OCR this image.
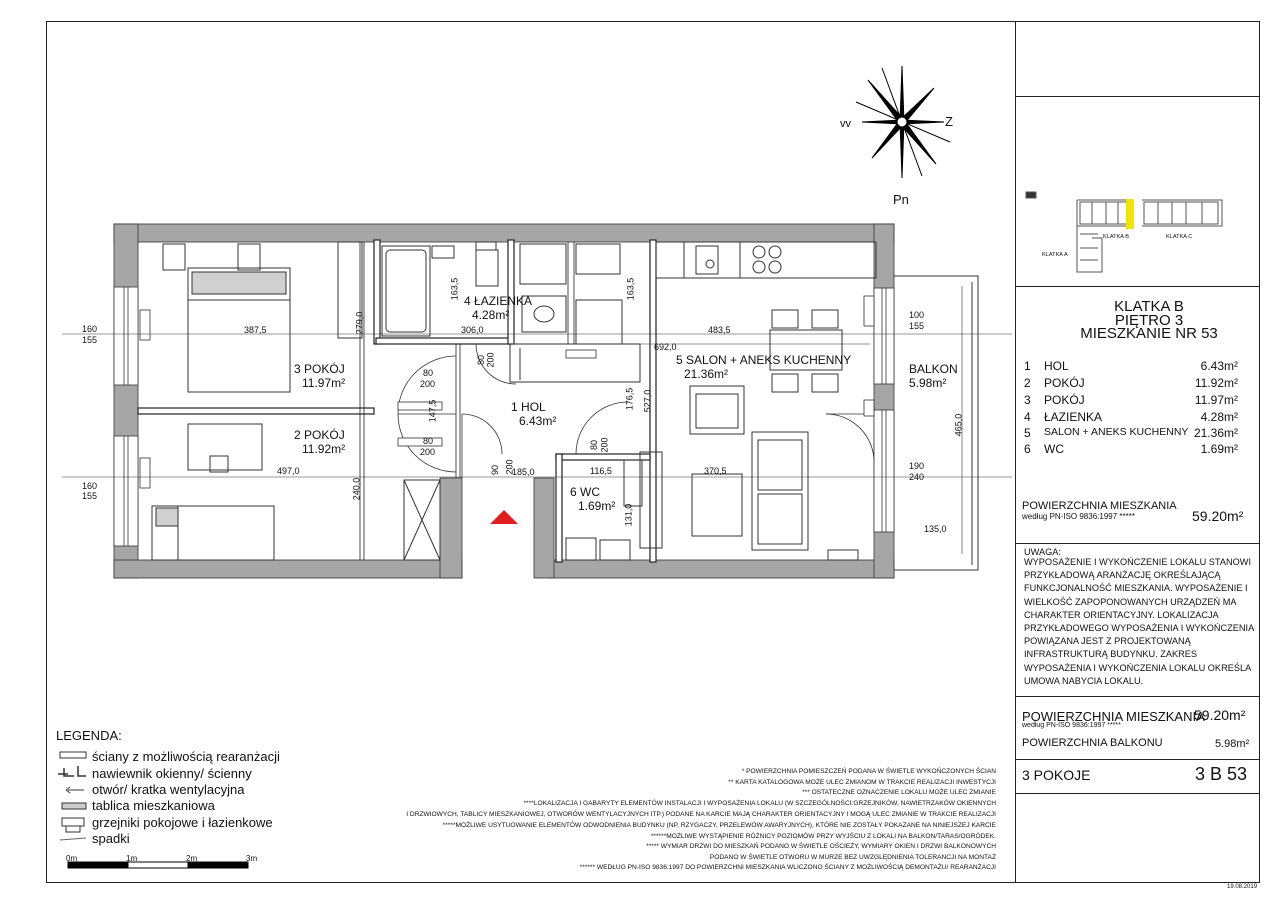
vv	Z
Pn
KLATKA B	KLATKA C
KLATKA A
KLATKA B
PIĘTRO 3
MIESZKANIE NR 53
1 HOL	6.43m²
2 POKÓJ	11.92m²
3 POKÓJ	11.97m²
4 ŁAZIENKA	4.28m²
5 SALON + ANEKS KUCHENNY 21.36m²
6 WC	1.69m²
POWIERZCHNIA MIESZKANIA
według PN-ISO 9836:1997 *****	59.20m²
UWAGA:
WYPOSAŻENIE I WYKOŃCZENIE LOKALU STANOWI PRZYKŁADOWĄ ARANŻACJĘ OKREŚLAJĄCĄ FUNKCJONALNOŚĆ MIESZKANIA. WYPOSAŻENIE I WIELKOŚĆ ZAPOPONOWANYCH URZĄDZEŃ MA CHARAKTER ORIENTACYJNY. LOKALIZACJA PRZYKŁADOWEGO WYPOSAŻENIA I WYKOŃCZENIA POWIĄZANA JEST Z PROJEKTOWANĄ INFRASTRUKTURĄ BUDYNKU. ZAKRES WYPOSAŻENIA I WYKOŃCZENIA LOKALU OKREŚLA UMOWA NABYCIA LOKALU.
POWIERZCHNIA MIESZKANIA
59.20m²
według PN-ISO 9836:1997 *****
POWIERZCHNIA BALKONU	5.98m²
3 POKOJE	3 B 53
19.08.2019
160
155
160
155
387,5	279,0
163,5
306,0
163,5
692,0
483,5
100
155
80
200
80
200
80 200
80 200
497,0
240,0
147,5
185,0
90 200	116,5
176,5 527,0
370,5
131,0
190
240
465,0
135,0
3 POKÓJ
11.97m²
2 POKÓJ
11.92m²
4 ŁAZIENKA
4.28m²
1 HOL
6.43m²
5 SALON + ANEKS KUCHENNY
21.36m²
6 WC
1.69m²
BALKON
5.98m²
LEGENDA:
ściany z możliwością rearanżacji
nawiewnik okienny/ ścienny
otwór/ kratka wentylacyjna
tablica mieszkaniowa
grzejniki pokojowe i łazienkowe
spadki
0m	1m	2m	3m
* POWIERZCHNIA POMIESZCZEŃ PODANA W ŚWIETLE WYKOŃCZONYCH ŚCIAN
** KARTA KATALOGOWA MOŻE ULEC ZMIANOM W TRAKCIE REALIZACJI INWESTYCJI
*** OSTATECZNE OZNACZENIE LOKALU MOŻE ULEC ZMIANIE
****LOKALIZACJA I GABARYTY ELEMENTÓW INSTALACJI I WYPOSAŻENIA LOKALU (W SZCZEGÓLNOŚCI:GRZEJNIKÓW, NAWIETRZAKÓW OKIENNYCH
I DRZWIOWYCH, TABLICY MIESZKANIOWEJ, OTWORÓW WENTYLACYJNYCH ITP.) PODANE NA KARCIE MAJĄ CHARAKTER ORIENTACYJNY I MOGĄ ULEC ZMIANIE W TRAKCIE REALIZACJI
*****MOŻLIWE USYTUOWANIE ELEMENTÓW ODWODNIENIA BUDYNKU (NP. RZYGACZY, PRZELEWÓW AWARYJNYCH), KTÓRE NIE ZOSTAŁY POKAZANE NA NINIEJSZEJ KARCIE
******MOŻLIWE WYSTĄPIENIE RÓŻNICY POZIOMÓW PRZY WYJŚCIU Z LOKALI NA BALKON/TARAS/OGRÓDEK.
***** WYMIAR DRZWI DO MIESZKAŃ PODANO W ŚWIETLE OŚCIEŻY, WYMIARY OKIEN I DRZWI BALKONOWYCH
PODANO W ŚWIETLE OTWORU W MURZE BEZ UWZGLĘDNIENIA TOLERANCJI NA MONTAŻ
****** WEDŁUG PN-ISO 9836:1997 DO POWIERZCHNI MIESZKANIA WLICZONO ŚCIANY Z MOŻLIWOŚCIĄ DEMONTAŻU/ REARANŻACJI
